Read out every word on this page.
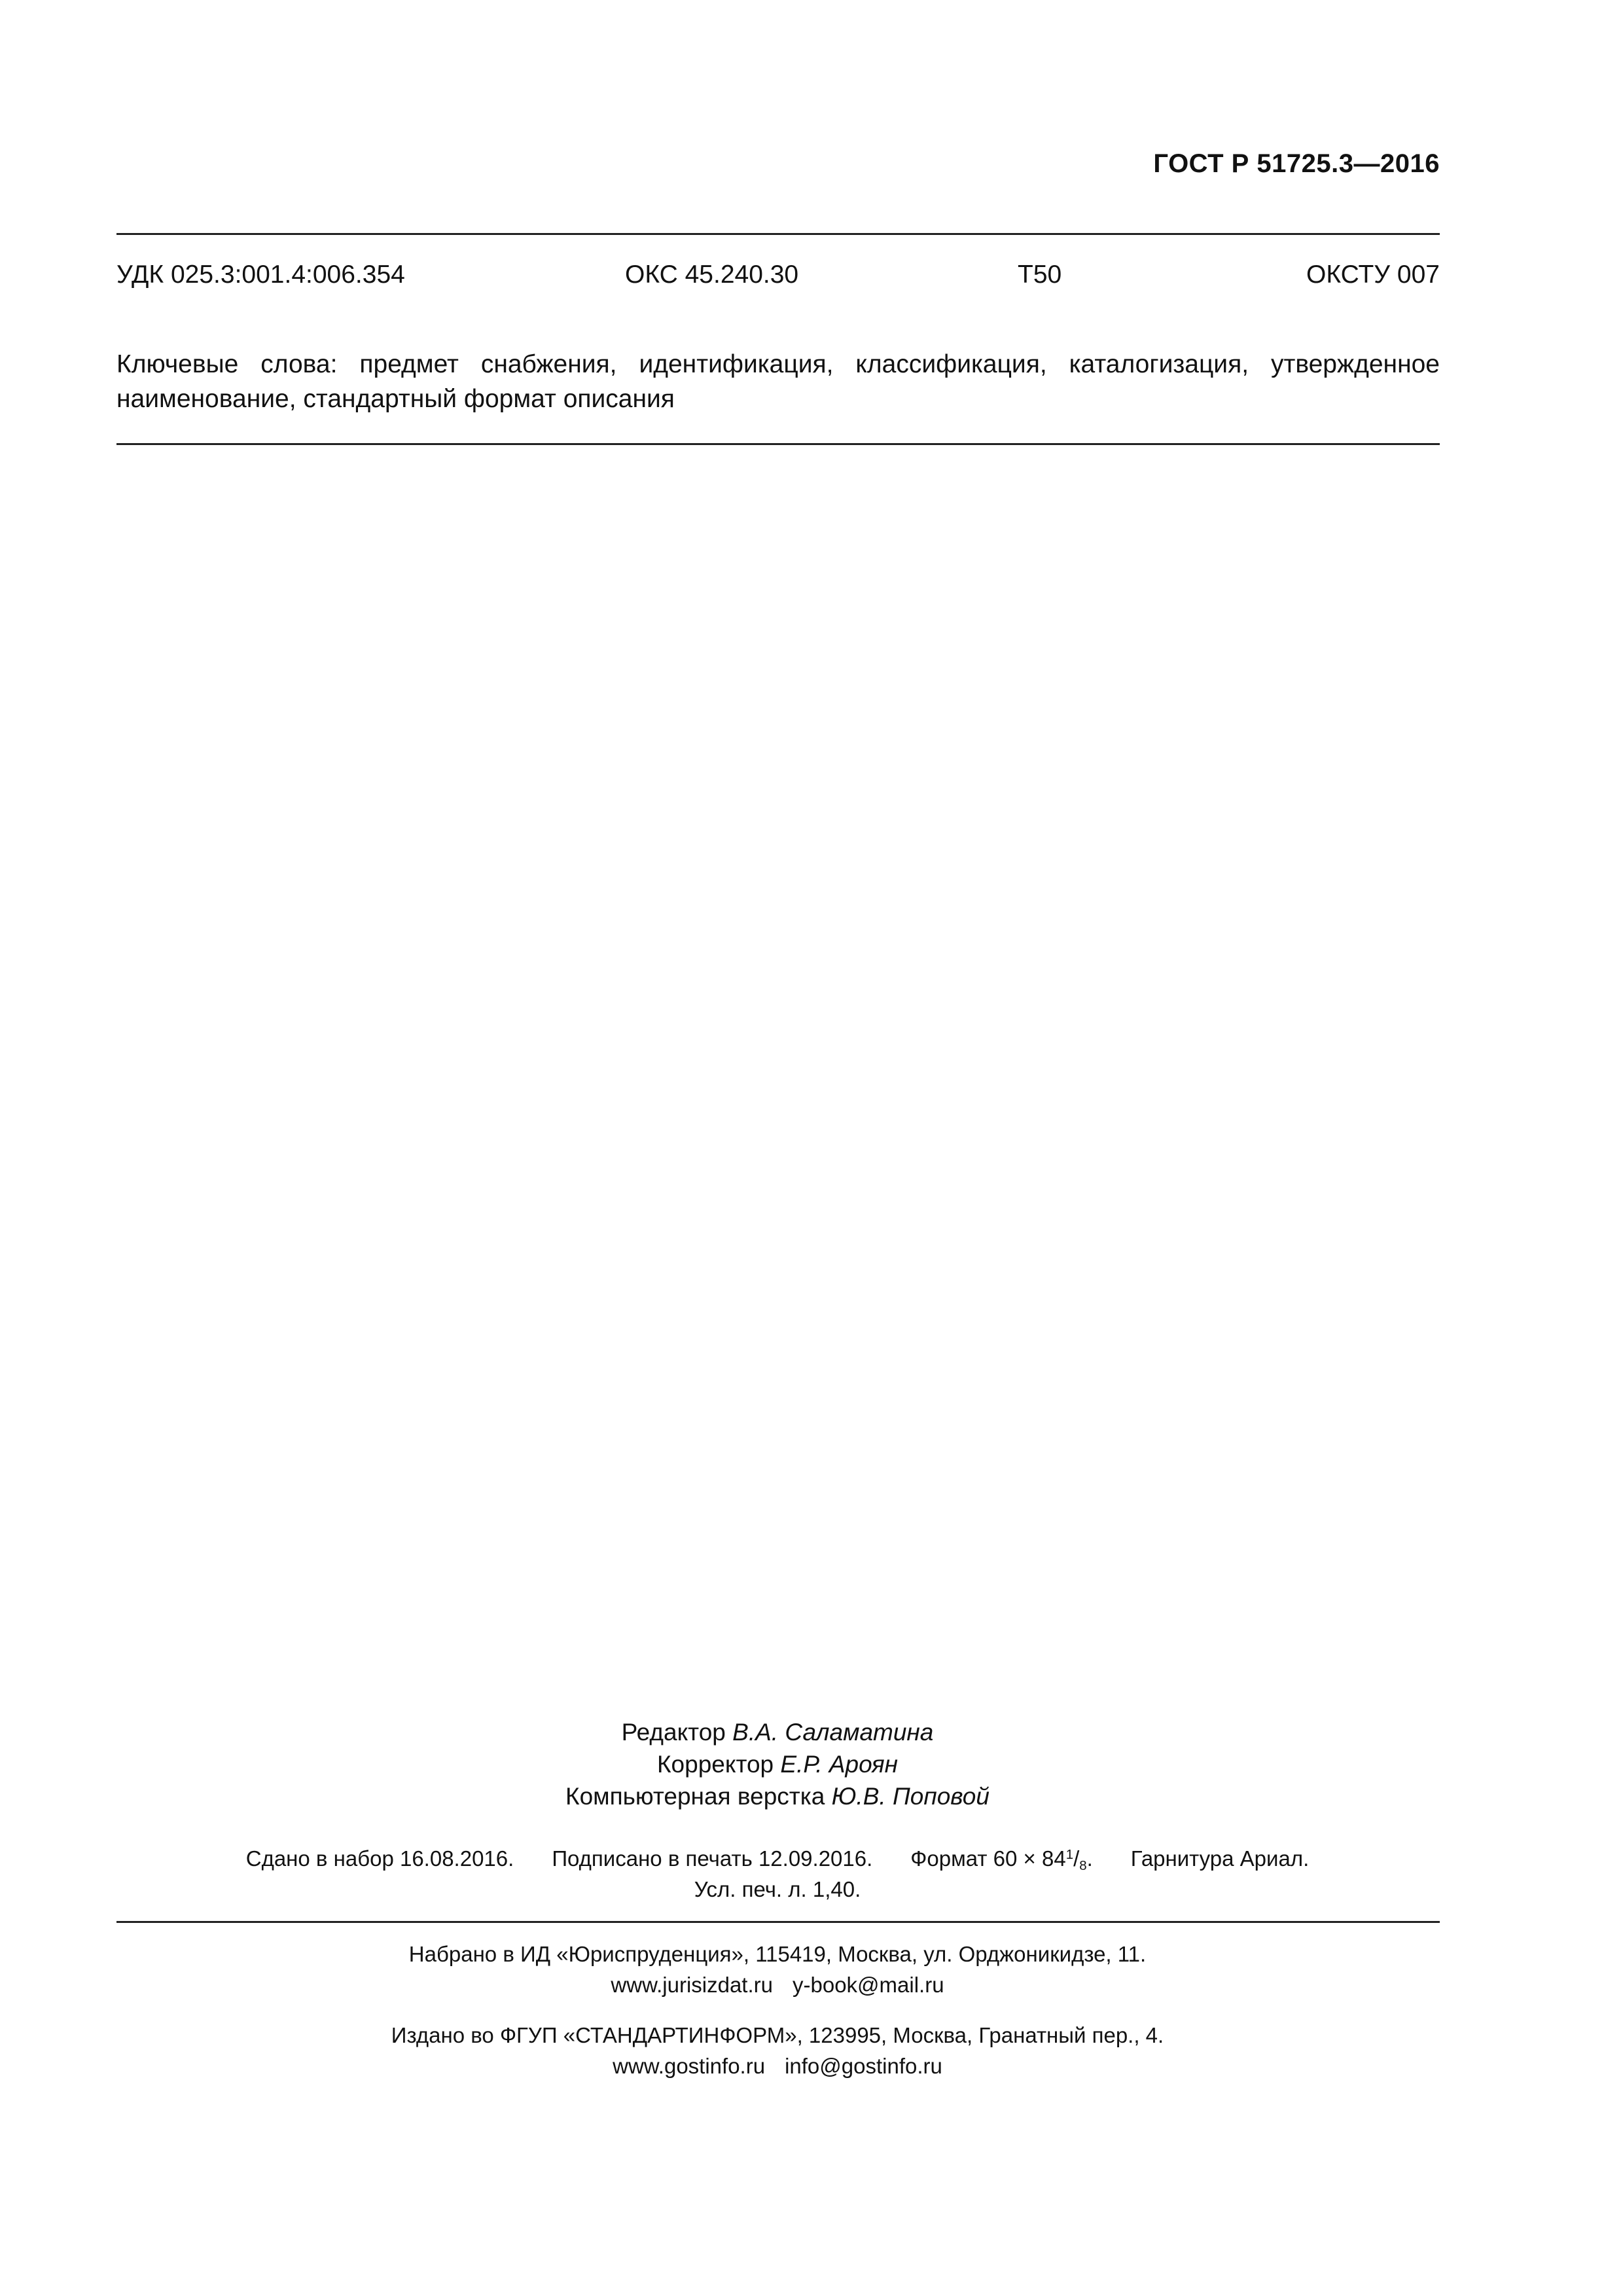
ГОСТ Р 51725.3—2016
УДК 025.3:001.4:006.354	ОКС 45.240.30	Т50	ОКСТУ 007
Ключевые слова: предмет снабжения, идентификация, классификация, каталогизация, утвержденное наименование, стандартный формат описания
Редактор В.А. Саламатина
Корректор Е.Р. Ароян
Компьютерная верстка Ю.В. Поповой
Сдано в набор 16.08.2016. Подписано в печать 12.09.2016. Формат $60 \times 84^1/_8$. Гарнитура Ариал.
Усл. печ. л. 1,40.
Набрано в ИД «Юриспруденция», 115419, Москва, ул. Орджоникидзе, 11.
www.jurisizdat.ru y-book@mail.ru
Издано во ФГУП «СТАНДАРТИНФОРМ», 123995, Москва, Гранатный пер., 4.
www.gostinfo.ru info@gostinfo.ru
